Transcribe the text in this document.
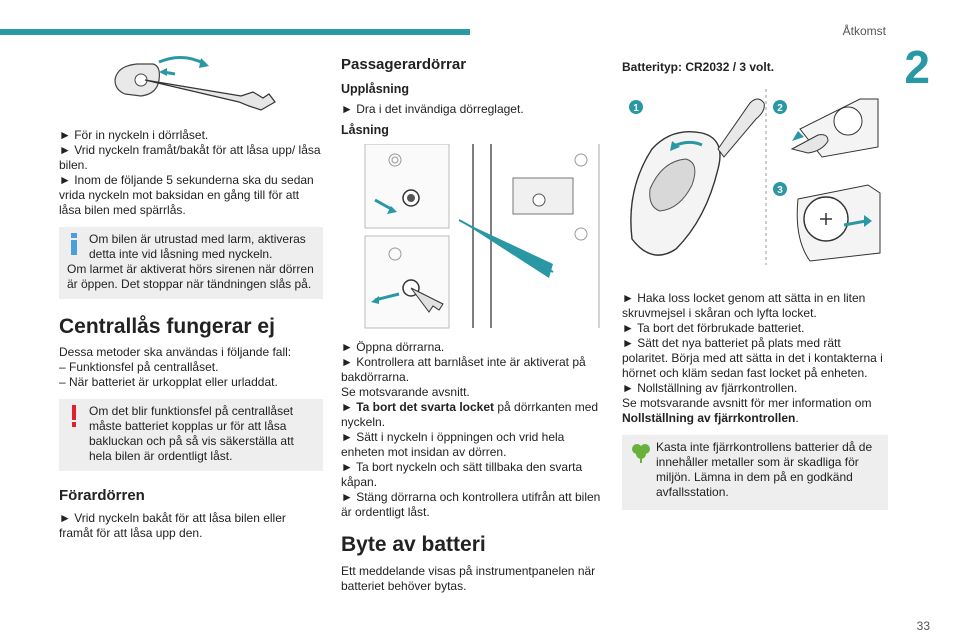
Åtkomst
2
33

► För in nyckeln i dörrlåset.

► Vrid nyckeln framåt/bakåt för att låsa upp/ låsa bilen.

► Inom de följande 5 sekunderna ska du sedan vrida nyckeln mot baksidan en gång till för att låsa bilen med spärrlås.

Om bilen är utrustad med larm, aktiveras detta inte vid låsning med nyckeln.

Om larmet är aktiverat hörs sirenen när dörren är öppen. Det stoppar när tändningen slås på.

Centrallås fungerar ej

Dessa metoder ska användas i följande fall:

– Funktionsfel på centrallåset.

– När batteriet är urkopplat eller urladdat.

Om det blir funktionsfel på centrallåset måste batteriet kopplas ur för att låsa bakluckan och på så vis säkerställa att hela bilen är ordentligt låst.

Förardörren

► Vrid nyckeln bakåt för att låsa bilen eller framåt för att låsa upp den.

Passagerardörrar
Upplåsning

► Dra i det invändiga dörreglaget.

Låsning

► Öppna dörrarna.

► Kontrollera att barnlåset inte är aktiverat på bakdörrarna.

Se motsvarande avsnitt.

► Ta bort det svarta locket på dörrkanten med nyckeln.

► Sätt i nyckeln i öppningen och vrid hela enheten mot insidan av dörren.

► Ta bort nyckeln och sätt tillbaka den svarta kåpan.

► Stäng dörrarna och kontrollera utifrån att bilen är ordentligt låst.

Byte av batteri

Ett meddelande visas på instrumentpanelen när batteriet behöver bytas.

Batterityp: CR2032 / 3 volt.

1	2
3

► Haka loss locket genom att sätta in en liten skruvmejsel i skåran och lyfta locket.

► Ta bort det förbrukade batteriet.

► Sätt det nya batteriet på plats med rätt polaritet. Börja med att sätta in det i kontakterna i hörnet och kläm sedan fast locket på enheten.

► Nollställning av fjärrkontrollen.

Se motsvarande avsnitt för mer information om Nollställning av fjärrkontrollen.

Kasta inte fjärrkontrollens batterier då de innehåller metaller som är skadliga för miljön. Lämna in dem på en godkänd avfallsstation.
